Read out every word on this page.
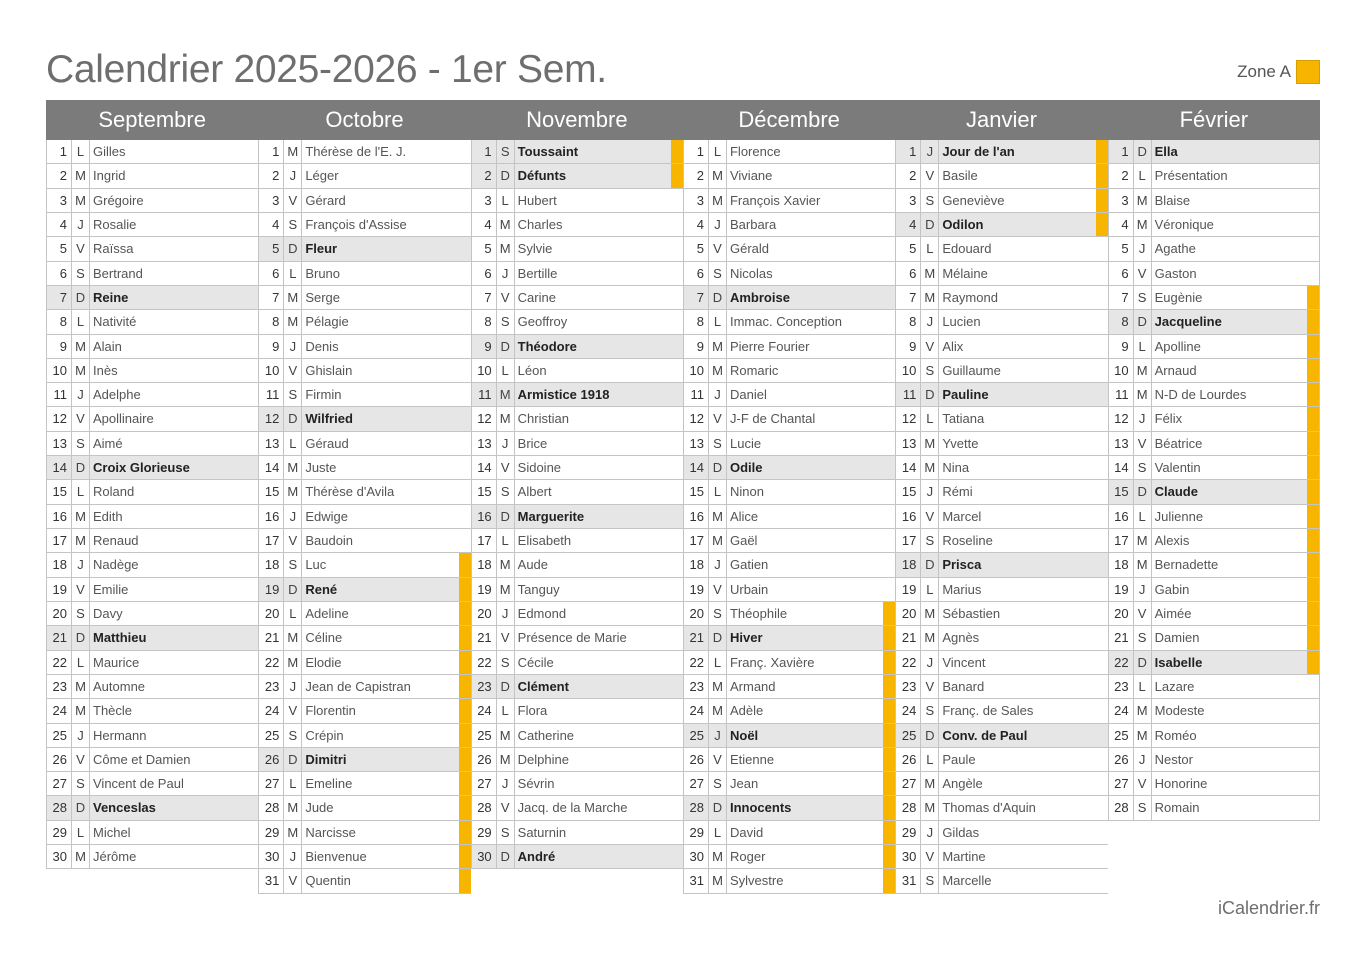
Calendrier 2025-2026 - 1er Sem.	Zone A
Septembre	Octobre	Novembre	Décembre	Janvier	Février
1 L Gilles
2 M Ingrid
3 M Grégoire
4 J Rosalie
5 V Raïssa
6 S Bertrand
7 D Reine
8 L Nativité
9 M Alain
10 M Inès
11 J Adelphe
12 V Apollinaire
13 S Aimé
14 D Croix Glorieuse
15 L Roland
16 M Edith
17 M Renaud
18 J Nadège
19 V Emilie
20 S Davy
21 D Matthieu
22 L Maurice
23 M Automne
24 M Thècle
25 J Hermann
26 V Côme et Damien
27 S Vincent de Paul
28 D Venceslas
29 L Michel
30 M Jérôme
1 M Thérèse de l'E. J.
2 J Léger
3 V Gérard
4 S François d'Assise
5 D Fleur
6 L Bruno
7 M Serge
8 M Pélagie
9 J Denis
10 V Ghislain
11 S Firmin
12 D Wilfried
13 L Géraud
14 M Juste
15 M Thérèse d'Avila
16 J Edwige
17 V Baudoin
18 S Luc
19 D René
20 L Adeline
21 M Céline
22 M Elodie
23 J Jean de Capistran
24 V Florentin
25 S Crépin
26 D Dimitri
27 L Emeline
28 M Jude
29 M Narcisse
30 J Bienvenue
31 V Quentin
1 S Toussaint
2 D Défunts
3 L Hubert
4 M Charles
5 M Sylvie
6 J Bertille
7 V Carine
8 S Geoffroy
9 D Théodore
10 L Léon
11 M Armistice 1918
12 M Christian
13 J Brice
14 V Sidoine
15 S Albert
16 D Marguerite
17 L Elisabeth
18 M Aude
19 M Tanguy
20 J Edmond
21 V Présence de Marie
22 S Cécile
23 D Clément
24 L Flora
25 M Catherine
26 M Delphine
27 J Sévrin
28 V Jacq. de la Marche
29 S Saturnin
30 D André
1 L Florence
2 M Viviane
3 M François Xavier
4 J Barbara
5 V Gérald
6 S Nicolas
7 D Ambroise
8 L Immac. Conception
9 M Pierre Fourier
10 M Romaric
11 J Daniel
12 V J-F de Chantal
13 S Lucie
14 D Odile
15 L Ninon
16 M Alice
17 M Gaël
18 J Gatien
19 V Urbain
20 S Théophile
21 D Hiver
22 L Franç. Xavière
23 M Armand
24 M Adèle
25 J Noël
26 V Etienne
27 S Jean
28 D Innocents
29 L David
30 M Roger
31 M Sylvestre
1 J Jour de l'an
2 V Basile
3 S Geneviève
4 D Odilon
5 L Edouard
6 M Mélaine
7 M Raymond
8 J Lucien
9 V Alix
10 S Guillaume
11 D Pauline
12 L Tatiana
13 M Yvette
14 M Nina
15 J Rémi
16 V Marcel
17 S Roseline
18 D Prisca
19 L Marius
20 M Sébastien
21 M Agnès
22 J Vincent
23 V Banard
24 S Franç. de Sales
25 D Conv. de Paul
26 L Paule
27 M Angèle
28 M Thomas d'Aquin
29 J Gildas
30 V Martine
31 S Marcelle
1 D Ella
2 L Présentation
3 M Blaise
4 M Véronique
5 J Agathe
6 V Gaston
7 S Eugènie
8 D Jacqueline
9 L Apolline
10 M Arnaud
11 M N-D de Lourdes
12 J Félix
13 V Béatrice
14 S Valentin
15 D Claude
16 L Julienne
17 M Alexis
18 M Bernadette
19 J Gabin
20 V Aimée
21 S Damien
22 D Isabelle
23 L Lazare
24 M Modeste
25 M Roméo
26 J Nestor
27 V Honorine
28 S Romain
iCalendrier.fr
